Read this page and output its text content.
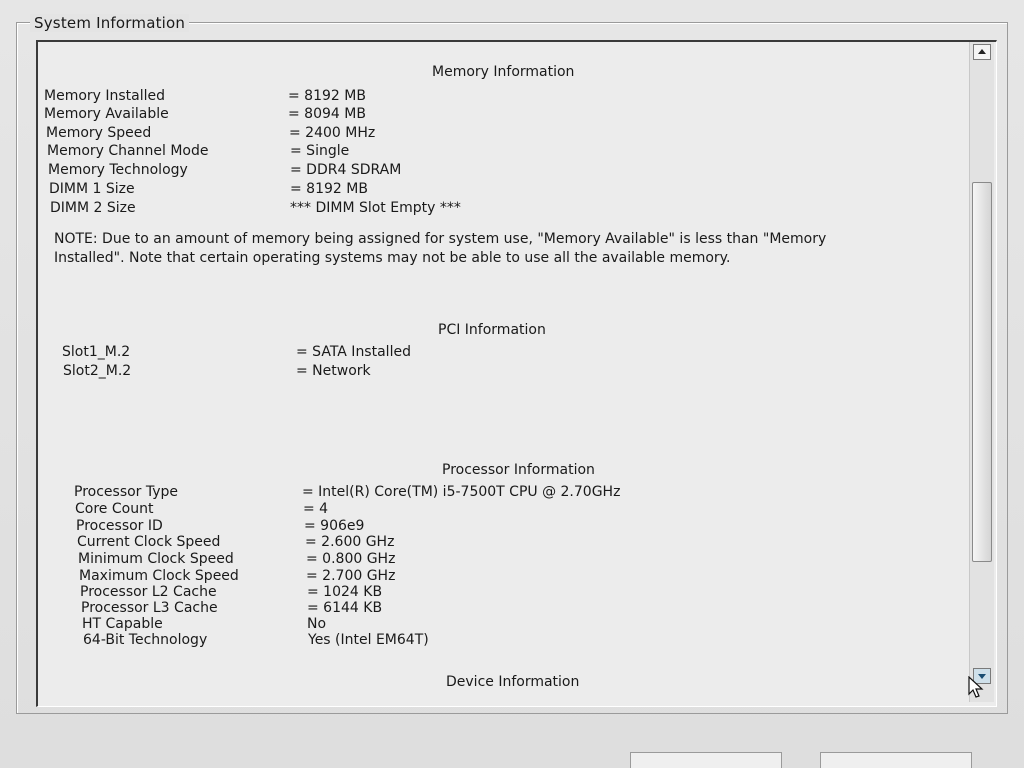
System Information
Memory Information
Memory Installed	= 8192 MB
Memory Available	= 8094 MB
Memory Speed	= 2400 MHz
Memory Channel Mode	= Single
Memory Technology	= DDR4 SDRAM
DIMM 1 Size	= 8192 MB
DIMM 2 Size	*** DIMM Slot Empty ***
NOTE: Due to an amount of memory being assigned for system use, "Memory Available" is less than "Memory Installed". Note that certain operating systems may not be able to use all the available memory.
PCI Information
Slot1_M.2	= SATA Installed
Slot2_M.2	= Network
Processor Information
Processor Type	= Intel(R) Core(TM) i5-7500T CPU @ 2.70GHz
Core Count	= 4
Processor ID	= 906e9
Current Clock Speed	= 2.600 GHz
Minimum Clock Speed	= 0.800 GHz
Maximum Clock Speed	= 2.700 GHz
Processor L2 Cache	= 1024 KB
Processor L3 Cache	= 6144 KB
HT Capable	No
64-Bit Technology	Yes (Intel EM64T)
Device Information
